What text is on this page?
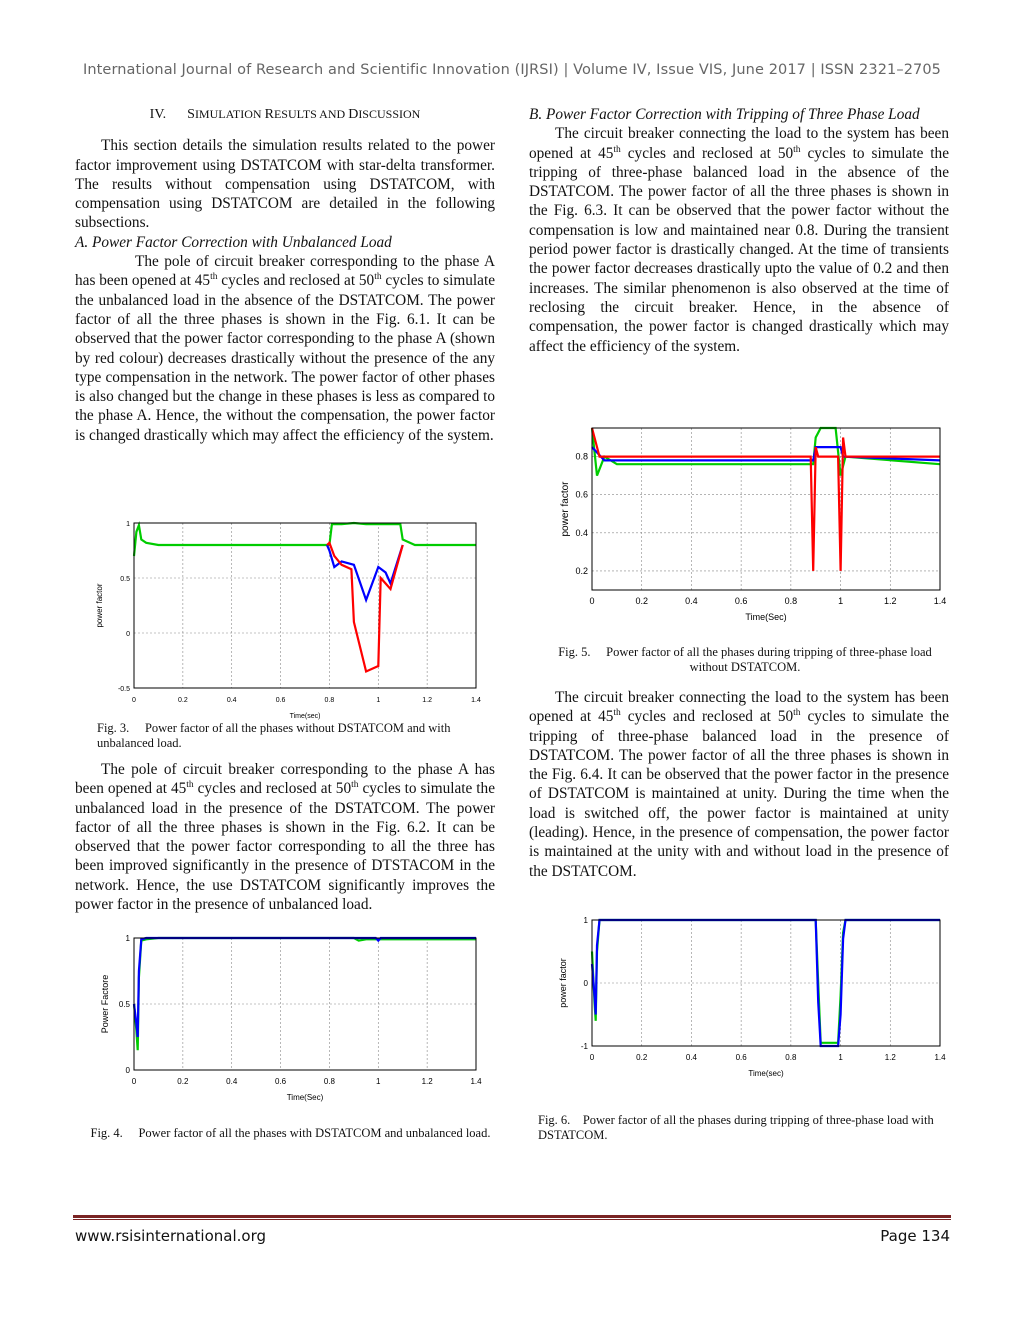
International Journal of Research and Scientific Innovation (IJRSI) | Volume IV, Issue VIS, June 2017 | ISSN 2321–2705
IV. SIMULATION RESULTS AND DISCUSSION

This section details the simulation results related to the power factor improvement using DSTATCOM with star-delta transformer. The results without compensation using DSTATCOM, with compensation using DSTATCOM are detailed in the following subsections.

A. Power Factor Correction with Unbalanced Load

The pole of circuit breaker corresponding to the phase A has been opened at 45th cycles and reclosed at 50th cycles to simulate the unbalanced load in the absence of the DSTATCOM. The power factor of all the three phases is shown in the Fig. 6.1. It can be observed that the power factor corresponding to the phase A (shown by red colour) decreases drastically without the presence of the any type compensation in the network. The power factor of other phases is also changed but the change in these phases is less as compared to the phase A. Hence, the without the compensation, the power factor is changed drastically which may affect the efficiency of the system.

The pole of circuit breaker corresponding to the phase A has been opened at 45th cycles and reclosed at 50th cycles to simulate the unbalanced load in the presence of the DSTATCOM. The power factor of all the three phases is shown in the Fig. 6.2. It can be observed that the power factor corresponding to all the three has been improved significantly in the presence of DTSTACOM in the network. Hence, the use DSTATCOM significantly improves the power factor in the presence of unbalanced load.

B. Power Factor Correction with Tripping of Three Phase Load

The circuit breaker connecting the load to the system has been opened at 45th cycles and reclosed at 50th cycles to simulate the tripping of three-phase balanced load in the absence of the DSTATCOM. The power factor of all the three phases is shown in the Fig. 6.3. It can be observed that the power factor without the compensation is low and maintained near 0.8. During the transient period power factor is drastically changed. At the time of transients the power factor decreases drastically upto the value of 0.2 and then increases. The similar phenomenon is also observed at the time of reclosing the circuit breaker. Hence, in the absence of compensation, the power factor is changed drastically which may affect the efficiency of the system.

The circuit breaker connecting the load to the system has been opened at 45th cycles and reclosed at 50th cycles to simulate the tripping of three-phase balanced load in the presence of DSTATCOM. The power factor of all the three phases is shown in the Fig. 6.4. It can be observed that the power factor in the presence of DSTATCOM is maintained at unity. During the time when the load is switched off, the power factor is maintained at unity (leading). Hence, in the presence of compensation, the power factor is maintained at the unity with and without load in the presence of the DSTATCOM.

0	0.2	0.4	0.6	0.8	1	1.2	1.4
-0.5
0
0.5
1
Time(sec)
power factor
Fig. 3. Power factor of all the phases without DSTATCOM and with unbalanced load.
0	0.2	0.4	0.6	0.8	1	1.2	1.4
0
0.5
1
Time(Sec)
Power Factore
Fig. 4. Power factor of all the phases with DSTATCOM and unbalanced load.
0	0.2	0.4	0.6	0.8	1	1.2	1.4
0.2
0.4
0.6
0.8
Time(Sec)
power factor
Fig. 5. Power factor of all the phases during tripping of three-phase load without DSTATCOM.
0	0.2	0.4	0.6	0.8	1	1.2	1.4
-1
0
1
Time(sec)
power factor
Fig. 6. Power factor of all the phases during tripping of three-phase load with DSTATCOM.
www.rsisinternational.org	Page 134
